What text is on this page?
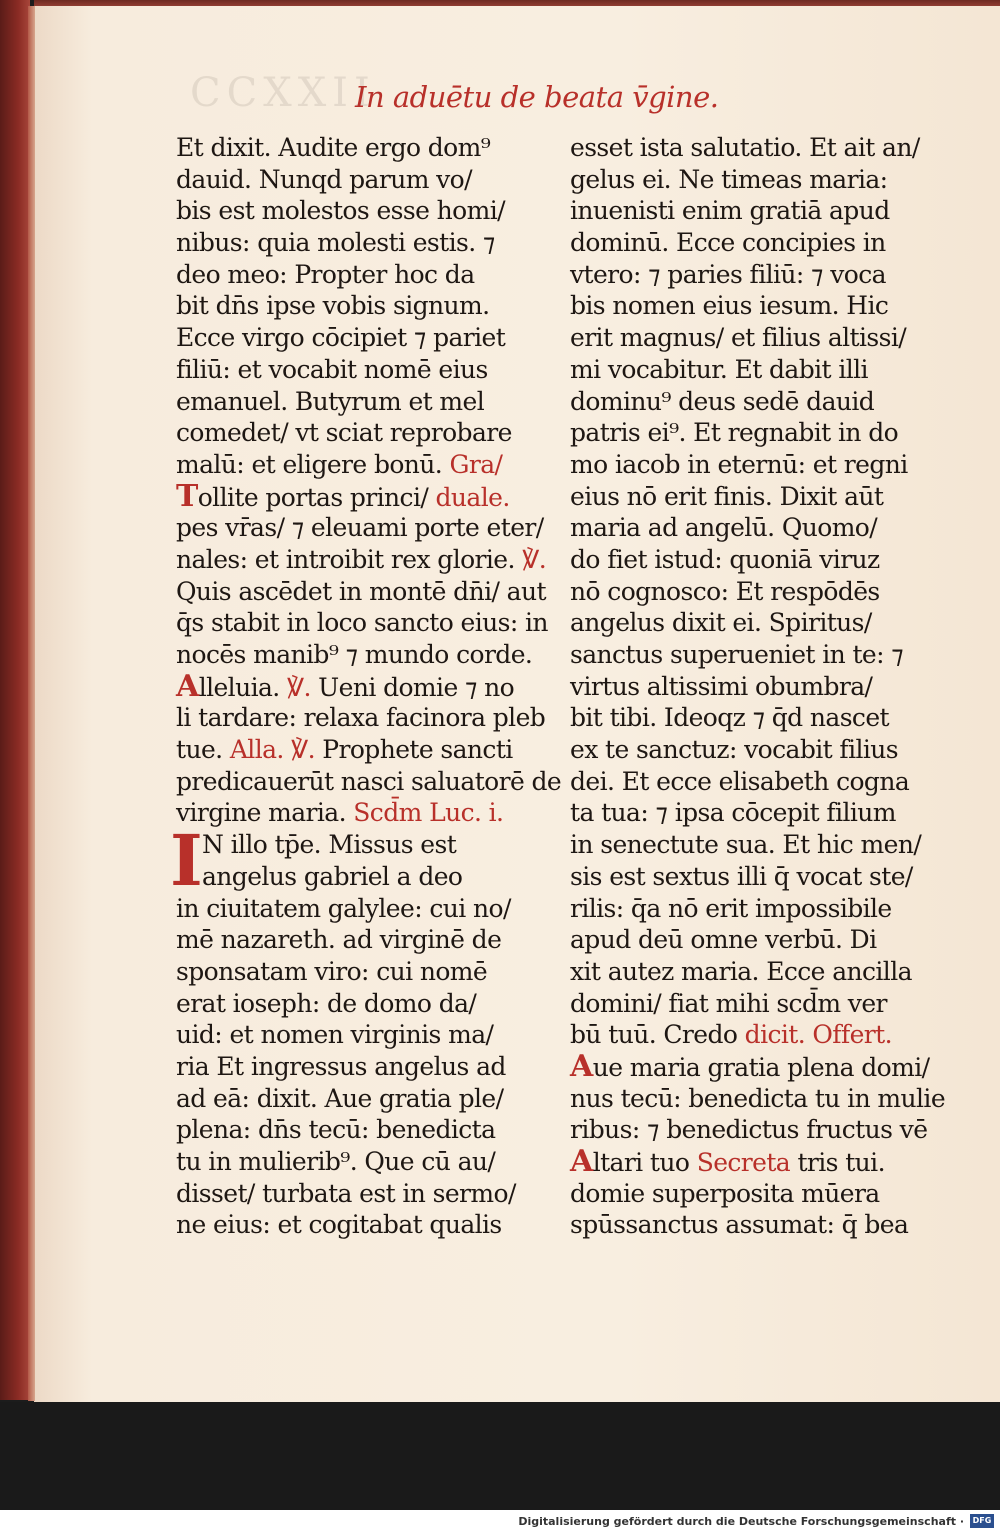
CCXXII
In aduētu de beata v̄gine.
I
Et dixit. Audite ergo dom⁹
dauid. Nunqd parum vo/
bis est molestos esse homi/
nibus: quia molesti estis. ⁊
deo meo: Propter hoc da
bit dn̄s ipse vobis signum.
Ecce virgo cōcipiet ⁊ pariet
filiū: et vocabit nomē eius
emanuel. Butyrum et mel
comedet/ vt sciat reprobare
malū: et eligere bonū. Gra/
Tollite portas princi/ duale.
pes vr̄as/ ⁊ eleuami porte eter/
nales: et introibit rex glorie. ℣.
Quis ascēdet in montē dn̄i/ aut
q̄s stabit in loco sancto eius: in
nocēs manib⁹ ⁊ mundo corde.
Alleluia. ℣. Ueni domie ⁊ no
li tardare: relaxa facinora pleb
tue. Alla. ℣. Prophete sancti
predicauerūt nasci saluatorē de
virgine maria. Scd̄m Luc. i.
N illo tp̄e. Missus est
angelus gabriel a deo
in ciuitatem galylee: cui no/
mē nazareth. ad virginē de
sponsatam viro: cui nomē
erat ioseph: de domo da/
uid: et nomen virginis ma/
ria Et ingressus angelus ad
ad eā: dixit. Aue gratia ple/
plena: dn̄s tecū: benedicta
tu in mulierib⁹. Que cū au/
disset/ turbata est in sermo/
ne eius: et cogitabat qualis
esset ista salutatio. Et ait an/
gelus ei. Ne timeas maria:
inuenisti enim gratiā apud
dominū. Ecce concipies in
vtero: ⁊ paries filiū: ⁊ voca
bis nomen eius iesum. Hic
erit magnus/ et filius altissi/
mi vocabitur. Et dabit illi
dominu⁹ deus sedē dauid
patris ei⁹. Et regnabit in do
mo iacob in eternū: et regni
eius nō erit finis. Dixit aūt
maria ad angelū. Quomo/
do fiet istud: quoniā viruz
nō cognosco: Et respōdēs
angelus dixit ei. Spiritus/
sanctus superueniet in te: ⁊
virtus altissimi obumbra/
bit tibi. Ideoqz ⁊ q̄d nascet
ex te sanctuz: vocabit filius
dei. Et ecce elisabeth cogna
ta tua: ⁊ ipsa cōcepit filium
in senectute sua. Et hic men/
sis est sextus illi q̄ vocat ste/
rilis: q̄a nō erit impossibile
apud deū omne verbū. Di
xit autez maria. Ecce ancilla
domini/ fiat mihi scd̄m ver
bū tuū. Credo dicit. Offert.
Aue maria gratia plena domi/
nus tecū: benedicta tu in mulie
ribus: ⁊ benedictus fructus vē
Altari tuo Secreta tris tui.
domie superposita mūera
spūssanctus assumat: q̄ bea
Digitalisierung gefördert durch die Deutsche Forschungsgemeinschaft ·	DFG
